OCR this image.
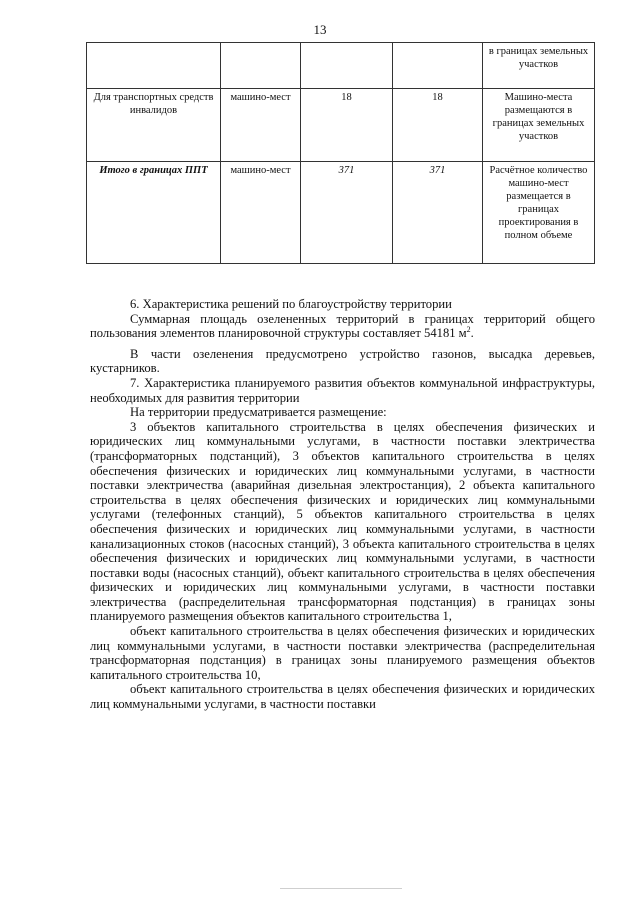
13
				в границах земельных участков
Для транспортных средств инвалидов	машино-мест	18	18	Машино-места размещаются в границах земельных участков
Итого в границах ППТ	машино-мест	371	371	Расчётное количество машино-мест размещается в границах проектирования в полном объеме

6. Характеристика решений по благоустройству территории

Суммарная площадь озелененных территорий в границах территорий общего пользования элементов планировочной структуры составляет 54181 $м^2$.

В части озеленения предусмотрено устройство газонов, высадка деревьев, кустарников.

7. Характеристика планируемого развития объектов коммунальной инфраструктуры, необходимых для развития территории

На территории предусматривается размещение:

3 объектов капитального строительства в целях обеспечения физических и юридических лиц коммунальными услугами, в частности поставки электричества (трансформаторных подстанций), 3 объектов капитального строительства в целях обеспечения физических и юридических лиц коммунальными услугами, в частности поставки электричества (аварийная дизельная электростанция), 2 объекта капитального строительства в целях обеспечения физических и юридических лиц коммунальными услугами (телефонных станций), 5 объектов капитального строительства в целях обеспечения физических и юридических лиц коммунальными услугами, в частности канализационных стоков (насосных станций), 3 объекта капитального строительства в целях обеспечения физических и юридических лиц коммунальными услугами, в частности поставки воды (насосных станций), объект капитального строительства в целях обеспечения физических и юридических лиц коммунальными услугами, в частности поставки электричества (распределительная трансформаторная подстанция) в границах зоны планируемого размещения объектов капитального строительства 1,

объект капитального строительства в целях обеспечения физических и юридических лиц коммунальными услугами, в частности поставки электричества (распределительная трансформаторная подстанция) в границах зоны планируемого размещения объектов капитального строительства 10,

объект капитального строительства в целях обеспечения физических и юридических лиц коммунальными услугами, в частности поставки
